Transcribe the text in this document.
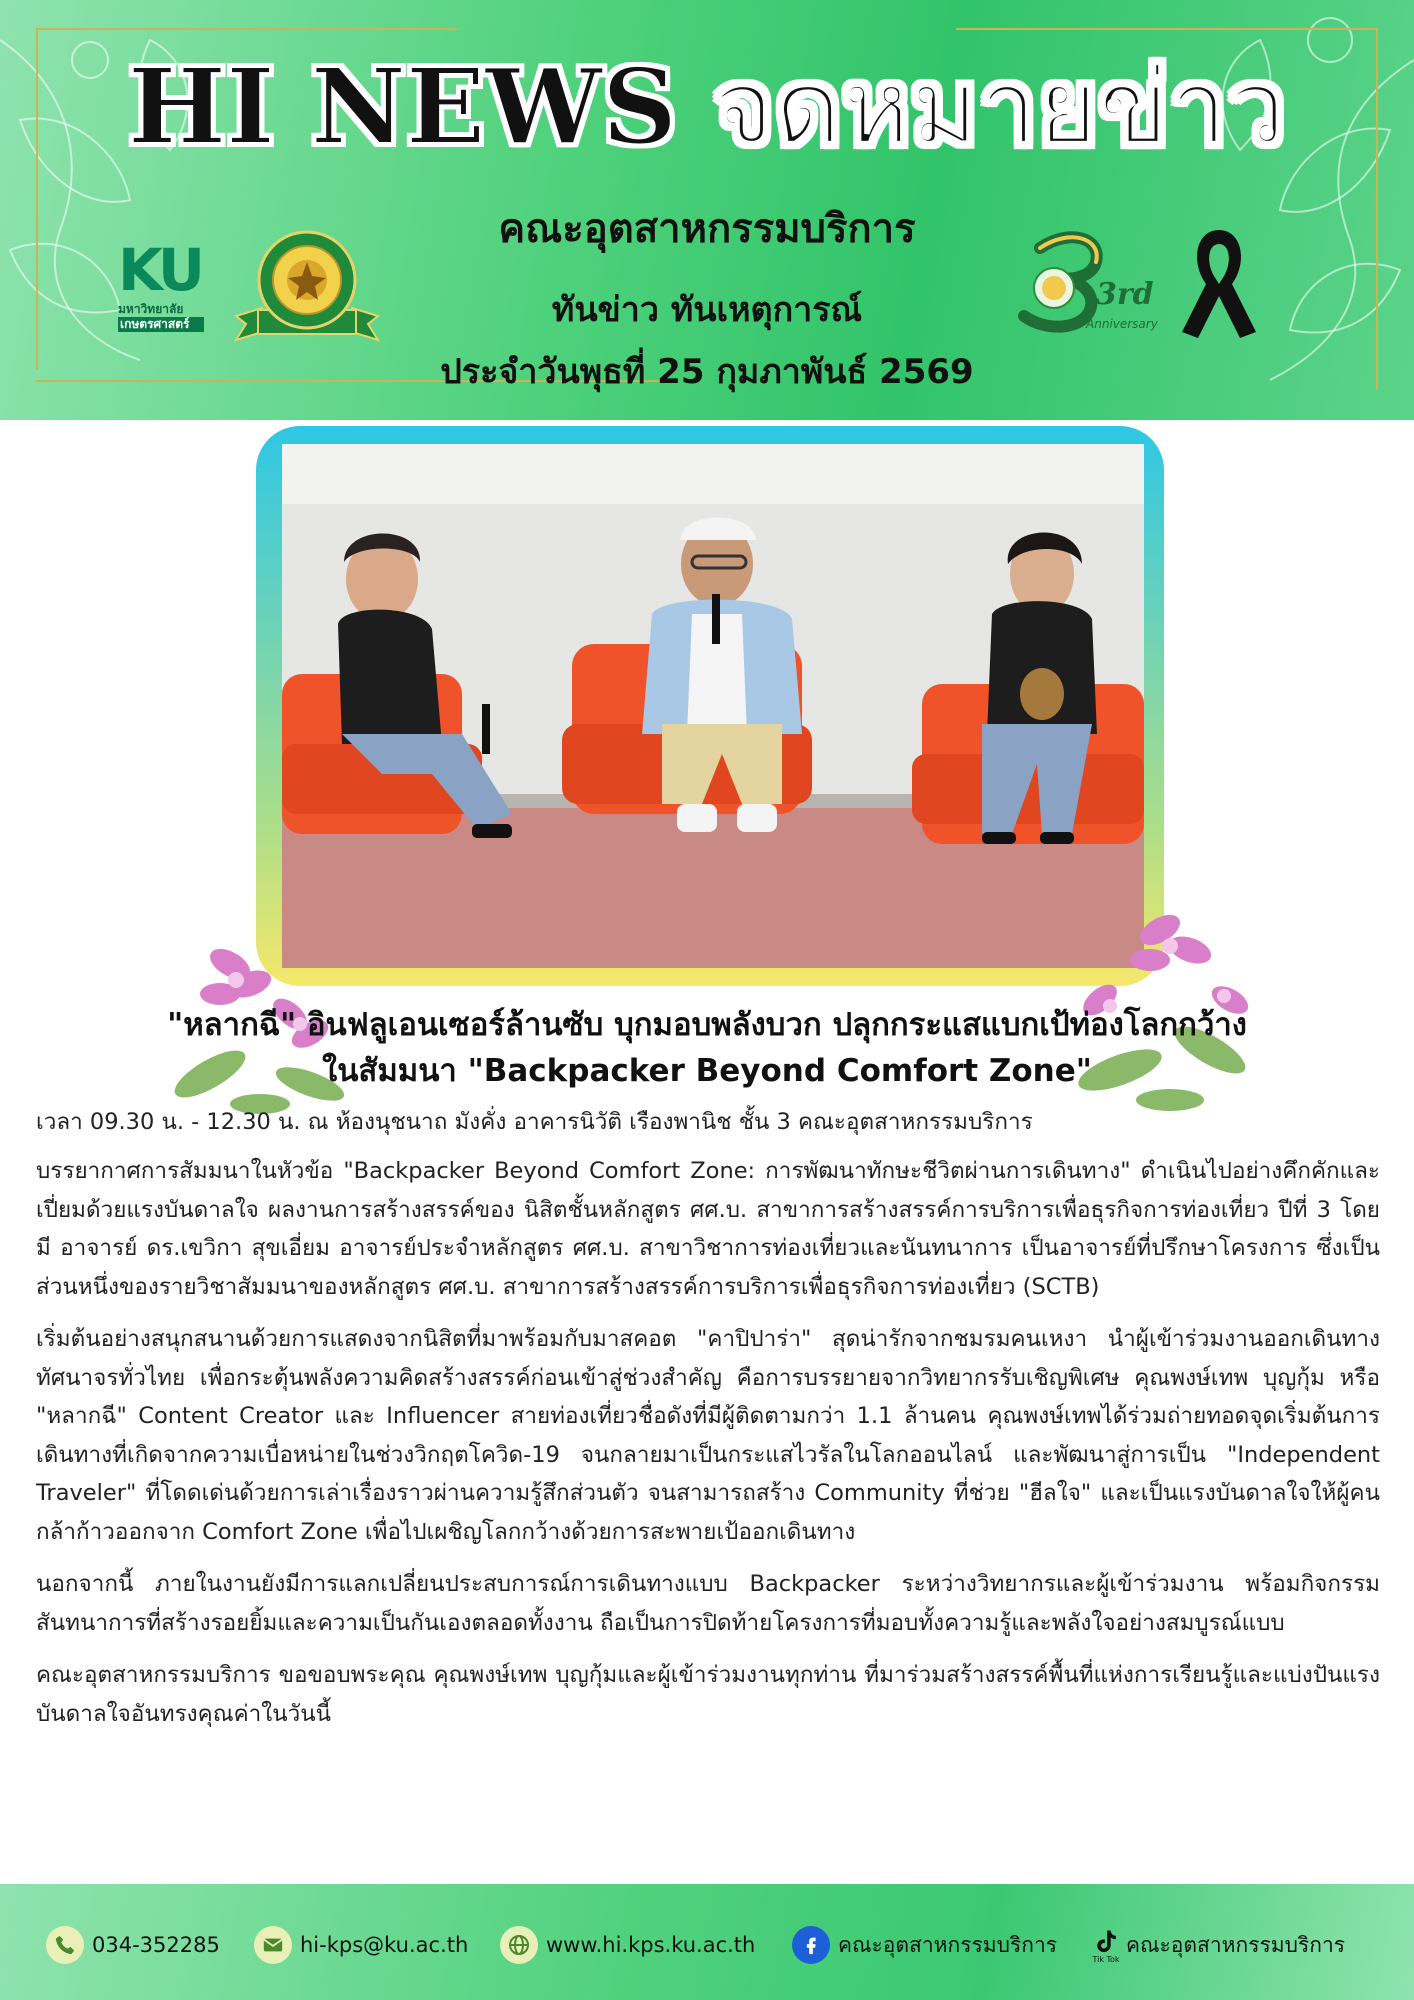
HI NEWS จดหมายข่าว
คณะอุตสาหกรรมบริการ
ทันข่าว ทันเหตุการณ์
ประจำวันพุธที่ 25 กุมภาพันธ์ 2569
KU
มหาวิทยาลัย
เกษตรศาสตร์
3rd
Anniversary
"หลากฉี" อินฟลูเอนเซอร์ล้านซับ บุกมอบพลังบวก ปลุกกระแสแบกเป้ท่องโลกกว้าง
ในสัมมนา "Backpacker Beyond Comfort Zone"
เวลา 09.30 น. - 12.30 น. ณ ห้องนุชนาถ มังคั่ง อาคารนิวัติ เรืองพานิช ชั้น 3 คณะอุตสาหกรรมบริการ

บรรยากาศการสัมมนาในหัวข้อ "Backpacker Beyond Comfort Zone: การพัฒนาทักษะชีวิตผ่านการเดินทาง" ดำเนินไปอย่างคึกคักและเปี่ยมด้วยแรงบันดาลใจ ผลงานการสร้างสรรค์ของ นิสิตชั้นหลักสูตร ศศ.บ. สาขาการสร้างสรรค์การบริการเพื่อธุรกิจการท่องเที่ยว ปีที่ 3 โดยมี อาจารย์ ดร.เขวิกา สุขเอี่ยม อาจารย์ประจำหลักสูตร ศศ.บ. สาขาวิชาการท่องเที่ยวและนันทนาการ เป็นอาจารย์ที่ปรึกษาโครงการ ซึ่งเป็นส่วนหนึ่งของรายวิชาสัมมนาของหลักสูตร ศศ.บ. สาขาการสร้างสรรค์การบริการเพื่อธุรกิจการท่องเที่ยว (SCTB)

เริ่มต้นอย่างสนุกสนานด้วยการแสดงจากนิสิตที่มาพร้อมกับมาสคอต "คาปิปาร่า" สุดน่ารักจากชมรมคนเหงา นำผู้เข้าร่วมงานออกเดินทางทัศนาจรทั่วไทย เพื่อกระตุ้นพลังความคิดสร้างสรรค์ก่อนเข้าสู่ช่วงสำคัญ คือการบรรยายจากวิทยากรรับเชิญพิเศษ คุณพงษ์เทพ บุญกุ้ม หรือ "หลากฉี" Content Creator และ Influencer สายท่องเที่ยวชื่อดังที่มีผู้ติดตามกว่า 1.1 ล้านคน คุณพงษ์เทพได้ร่วมถ่ายทอดจุดเริ่มต้นการเดินทางที่เกิดจากความเบื่อหน่ายในช่วงวิกฤตโควิด-19 จนกลายมาเป็นกระแสไวรัลในโลกออนไลน์ และพัฒนาสู่การเป็น "Independent Traveler" ที่โดดเด่นด้วยการเล่าเรื่องราวผ่านความรู้สึกส่วนตัว จนสามารถสร้าง Community ที่ช่วย "ฮีลใจ" และเป็นแรงบันดาลใจให้ผู้คนกล้าก้าวออกจาก Comfort Zone เพื่อไปเผชิญโลกกว้างด้วยการสะพายเป้ออกเดินทาง

นอกจากนี้ ภายในงานยังมีการแลกเปลี่ยนประสบการณ์การเดินทางแบบ Backpacker ระหว่างวิทยากรและผู้เข้าร่วมงาน พร้อมกิจกรรมสันทนาการที่สร้างรอยยิ้มและความเป็นกันเองตลอดทั้งงาน ถือเป็นการปิดท้ายโครงการที่มอบทั้งความรู้และพลังใจอย่างสมบูรณ์แบบ

คณะอุตสาหกรรมบริการ ขอขอบพระคุณ คุณพงษ์เทพ บุญกุ้มและผู้เข้าร่วมงานทุกท่าน ที่มาร่วมสร้างสรรค์พื้นที่แห่งการเรียนรู้และแบ่งปันแรงบันดาลใจอันทรงคุณค่าในวันนี้

034-352285	hi-kps@ku.ac.th	www.hi.kps.ku.ac.th	คณะอุตสาหกรรมบริการ
Tik Tok
คณะอุตสาหกรรมบริการ
